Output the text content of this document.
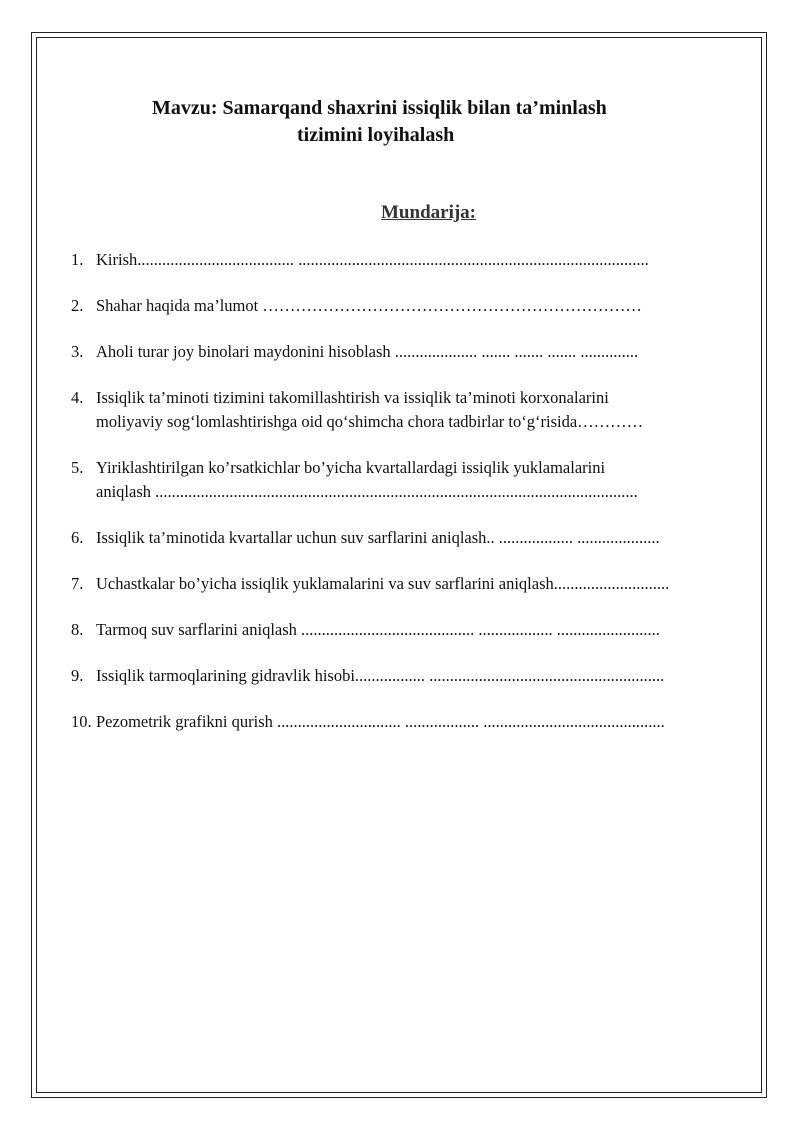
Mavzu: Samarqand shaxrini issiqlik bilan ta’minlash
tizimini loyihalash
Mundarija:
1. Kirish...................................... .....................................................................................
2. Shahar haqida ma’lumot ……………………………………………………………
3. Aholi turar joy binolari maydonini hisoblash .................... ....... ....... ....... ..............
4. Issiqlik ta’minoti tizimini takomillashtirish va issiqlik ta’minoti korxonalarini
moliyaviy sog‘lomlashtirishga oid qo‘shimcha chora tadbirlar to‘g‘risida…………
5. Yiriklashtirilgan ko’rsatkichlar bo’yicha kvartallardagi issiqlik yuklamalarini
aniqlash .....................................................................................................................
6. Issiqlik ta’minotida kvartallar uchun suv sarflarini aniqlash.. .................. ....................
7. Uchastkalar bo’yicha issiqlik yuklamalarini va suv sarflarini aniqlash............................
8. Tarmoq suv sarflarini aniqlash .......................................... .................. .........................
9. Issiqlik tarmoqlarining gidravlik hisobi................. .........................................................
10. Pezometrik grafikni qurish .............................. .................. ............................................
